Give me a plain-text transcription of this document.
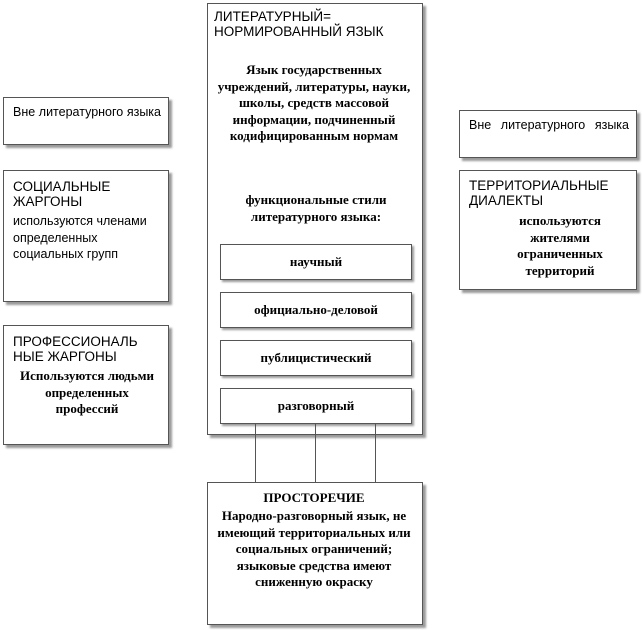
ЛИТЕРАТУРНЫЙ= НОРМИРОВАННЫЙ ЯЗЫК
Язык государственных учреждений, литературы, науки, школы, средств массовой информации, подчиненный кодифицированным нормам
функциональные стили литературного языка:
научный
официально-деловой
публицистический
разговорный
ПРОСТОРЕЧИЕ
Народно-разговорный язык, не имеющий территориальных или социальных ограничений; языковые средства имеют сниженную окраску
Вне литературного языка
СОЦИАЛЬНЫЕ ЖАРГОНЫ
используются членами определенных социальных групп
ПРОФЕССИОНАЛЬ НЫЕ ЖАРГОНЫ
Используются людьми определенных профессий
Вне литературного языка
ТЕРРИТОРИАЛЬНЫЕ ДИАЛЕКТЫ
используются жителями ограниченных территорий
